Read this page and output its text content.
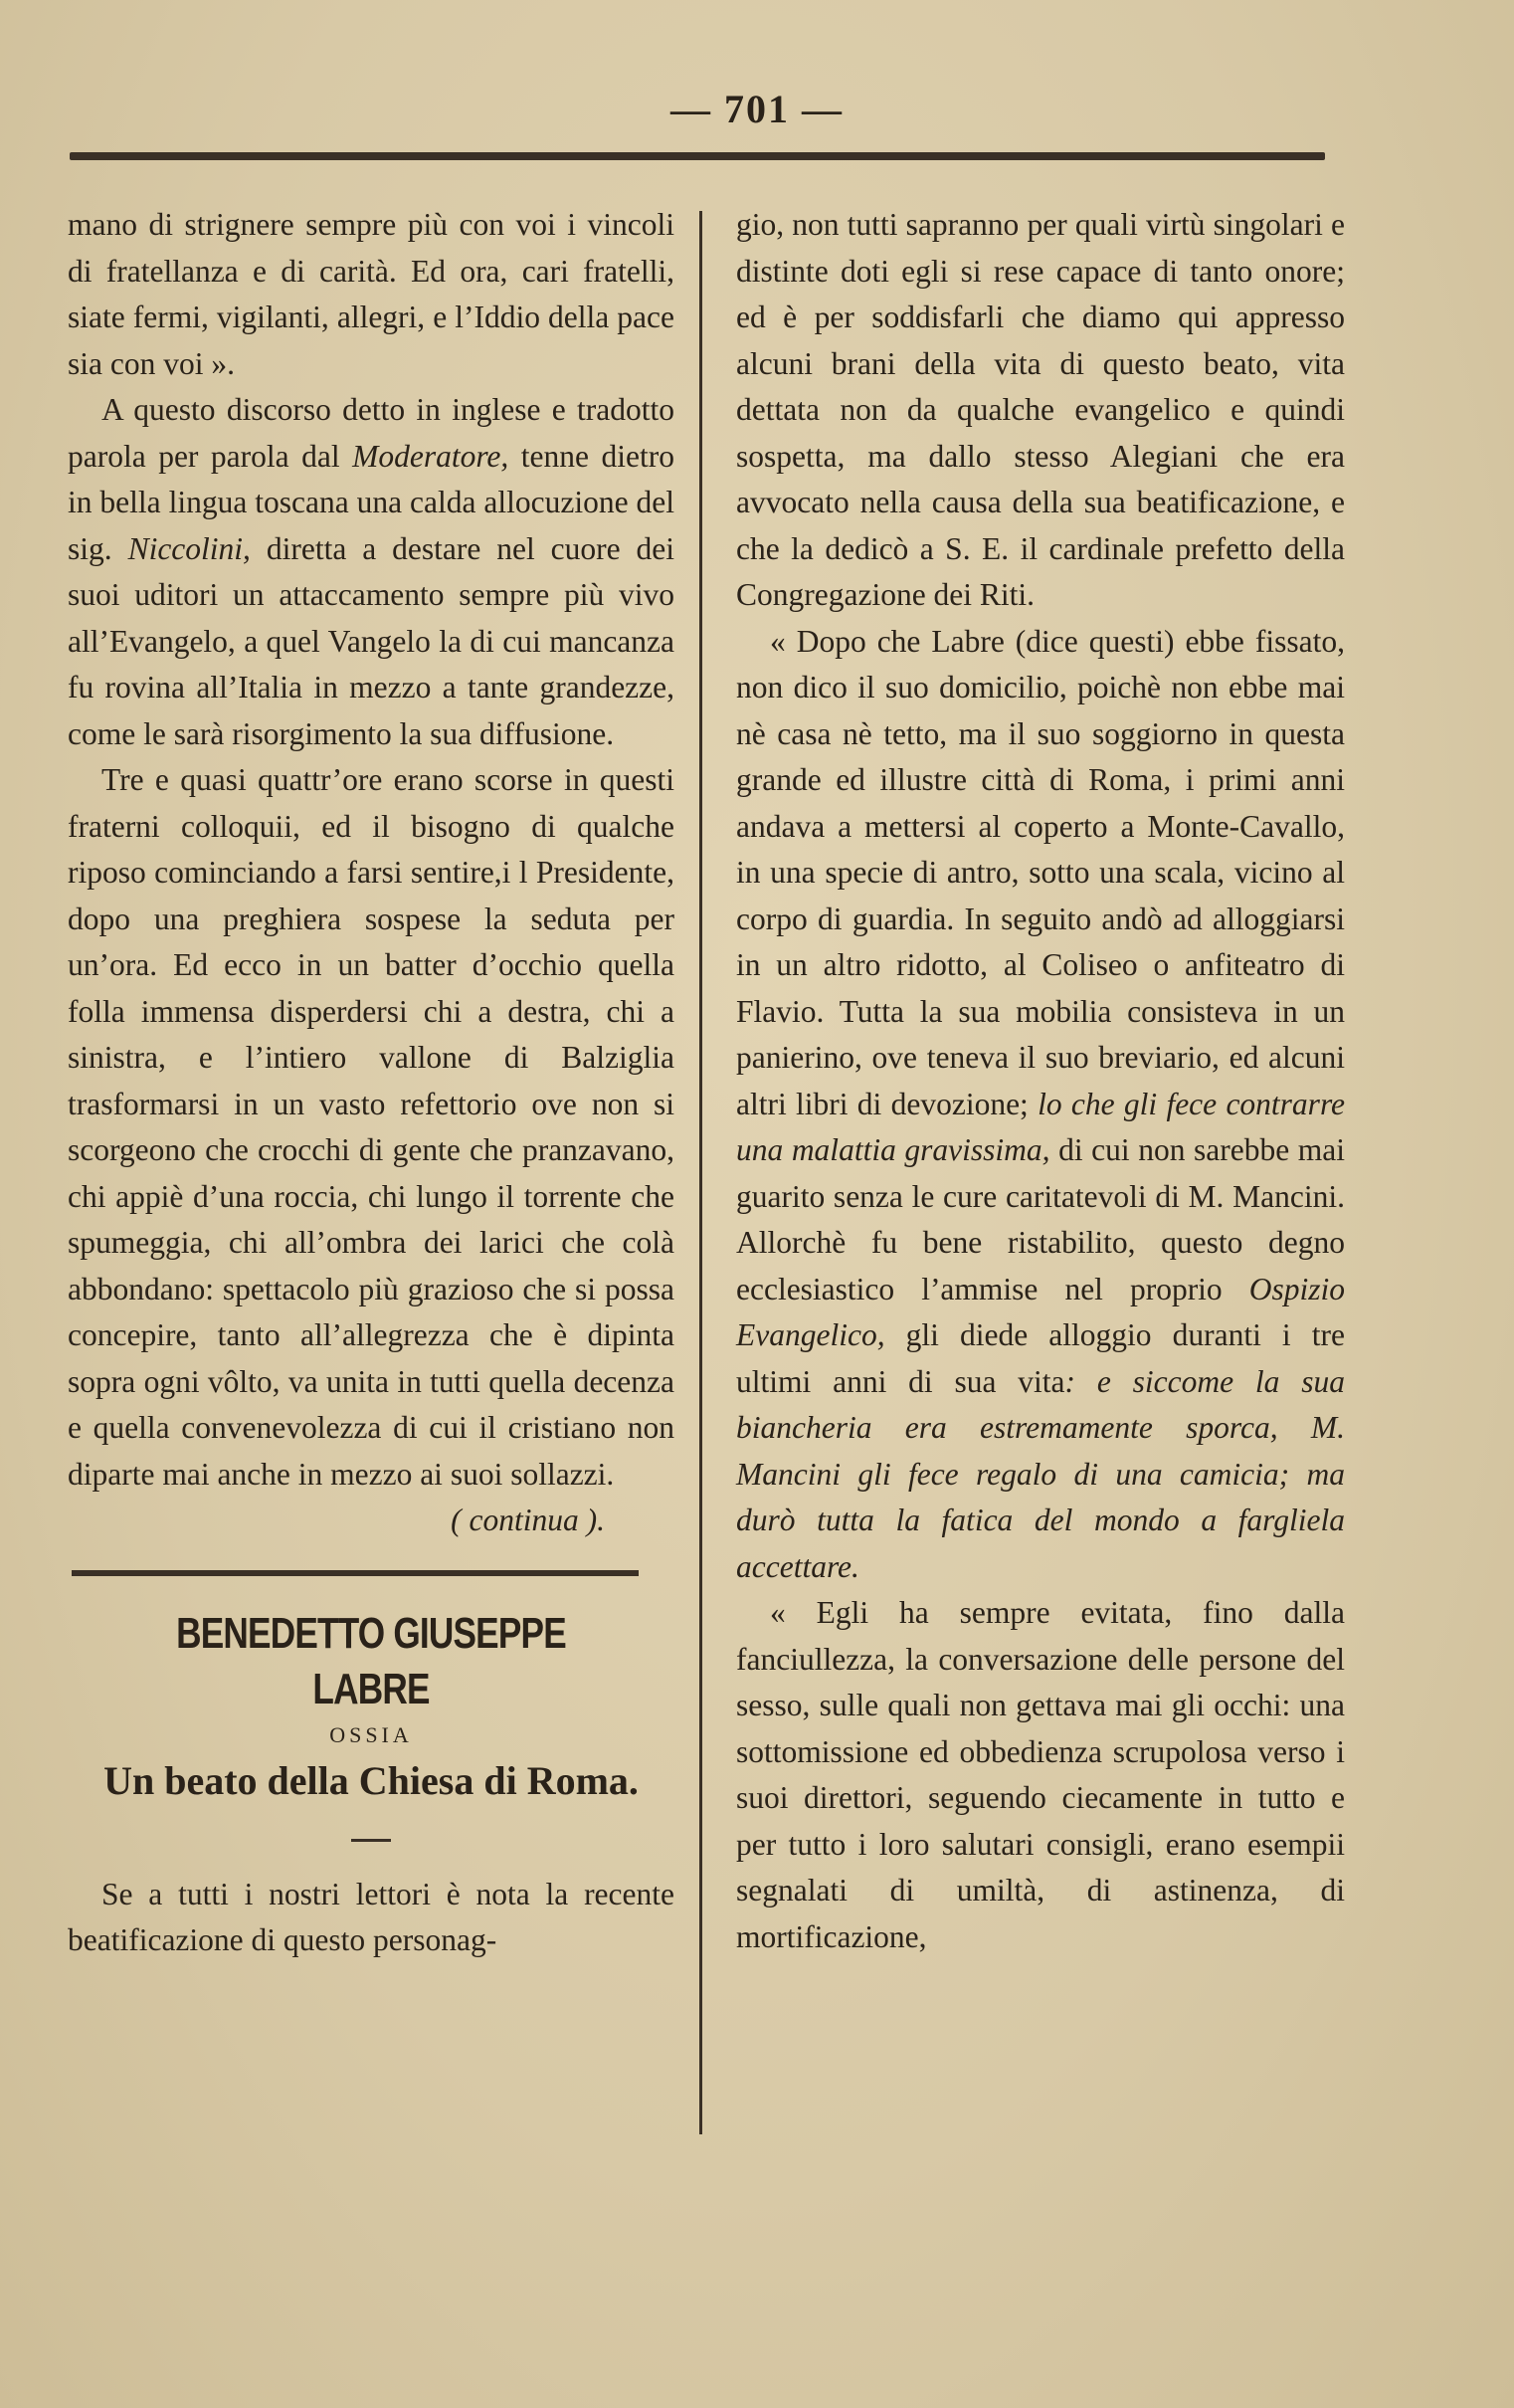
— 701 —

mano di strignere sempre più con voi i vincoli di fratellanza e di carità. Ed ora, cari fratelli, siate fermi, vigilanti, allegri, e l’Iddio della pace sia con voi ».

A questo discorso detto in inglese e tradotto parola per parola dal Moderatore, tenne dietro in bella lingua toscana una calda allocuzione del sig. Niccolini, diretta a destare nel cuore dei suoi uditori un attaccamento sempre più vivo all’Evangelo, a quel Vangelo la di cui mancanza fu rovina all’Italia in mezzo a tante grandezze, come le sarà risorgimento la sua diffusione.

Tre e quasi quattr’ore erano scorse in questi fraterni colloquii, ed il bisogno di qualche riposo cominciando a farsi sentire,i l Presidente, dopo una preghiera sospese la seduta per un’ora. Ed ecco in un batter d’occhio quella folla immensa disperdersi chi a destra, chi a sinistra, e l’intiero vallone di Balziglia trasformarsi in un vasto refettorio ove non si scorgeono che crocchi di gente che pranzavano, chi appiè d’una roccia, chi lungo il torrente che spumeggia, chi all’ombra dei larici che colà abbondano: spettacolo più grazioso che si possa concepire, tanto all’allegrezza che è dipinta sopra ogni vôlto, va unita in tutti quella decenza e quella convenevolezza di cui il cristiano non diparte mai anche in mezzo ai suoi sollazzi.

( continua ).

BENEDETTO GIUSEPPE LABRE

OSSIA

Un beato della Chiesa di Roma.

Se a tutti i nostri lettori è nota la recente beatificazione di questo personag-

gio, non tutti sapranno per quali virtù singolari e distinte doti egli si rese capace di tanto onore; ed è per soddisfarli che diamo qui appresso alcuni brani della vita di questo beato, vita dettata non da qualche evangelico e quindi sospetta, ma dallo stesso Alegiani che era avvocato nella causa della sua beatificazione, e che la dedicò a S. E. il cardinale prefetto della Congregazione dei Riti.

« Dopo che Labre (dice questi) ebbe fissato, non dico il suo domicilio, poichè non ebbe mai nè casa nè tetto, ma il suo soggiorno in questa grande ed illustre città di Roma, i primi anni andava a mettersi al coperto a Monte-Cavallo, in una specie di antro, sotto una scala, vicino al corpo di guardia. In seguito andò ad alloggiarsi in un altro ridotto, al Coliseo o anfiteatro di Flavio. Tutta la sua mobilia consisteva in un panierino, ove teneva il suo breviario, ed alcuni altri libri di devozione; lo che gli fece contrarre una malattia gravissima, di cui non sarebbe mai guarito senza le cure caritatevoli di M. Mancini. Allorchè fu bene ristabilito, questo degno ecclesiastico l’ammise nel proprio Ospizio Evangelico, gli diede alloggio duranti i tre ultimi anni di sua vita: e siccome la sua biancheria era estremamente sporca, M. Mancini gli fece regalo di una camicia; ma durò tutta la fatica del mondo a fargliela accettare.

« Egli ha sempre evitata, fino dalla fanciullezza, la conversazione delle persone del sesso, sulle quali non gettava mai gli occhi: una sottomissione ed obbedienza scrupolosa verso i suoi direttori, seguendo ciecamente in tutto e per tutto i loro salutari consigli, erano esempii segnalati di umiltà, di astinenza, di mortificazione,
